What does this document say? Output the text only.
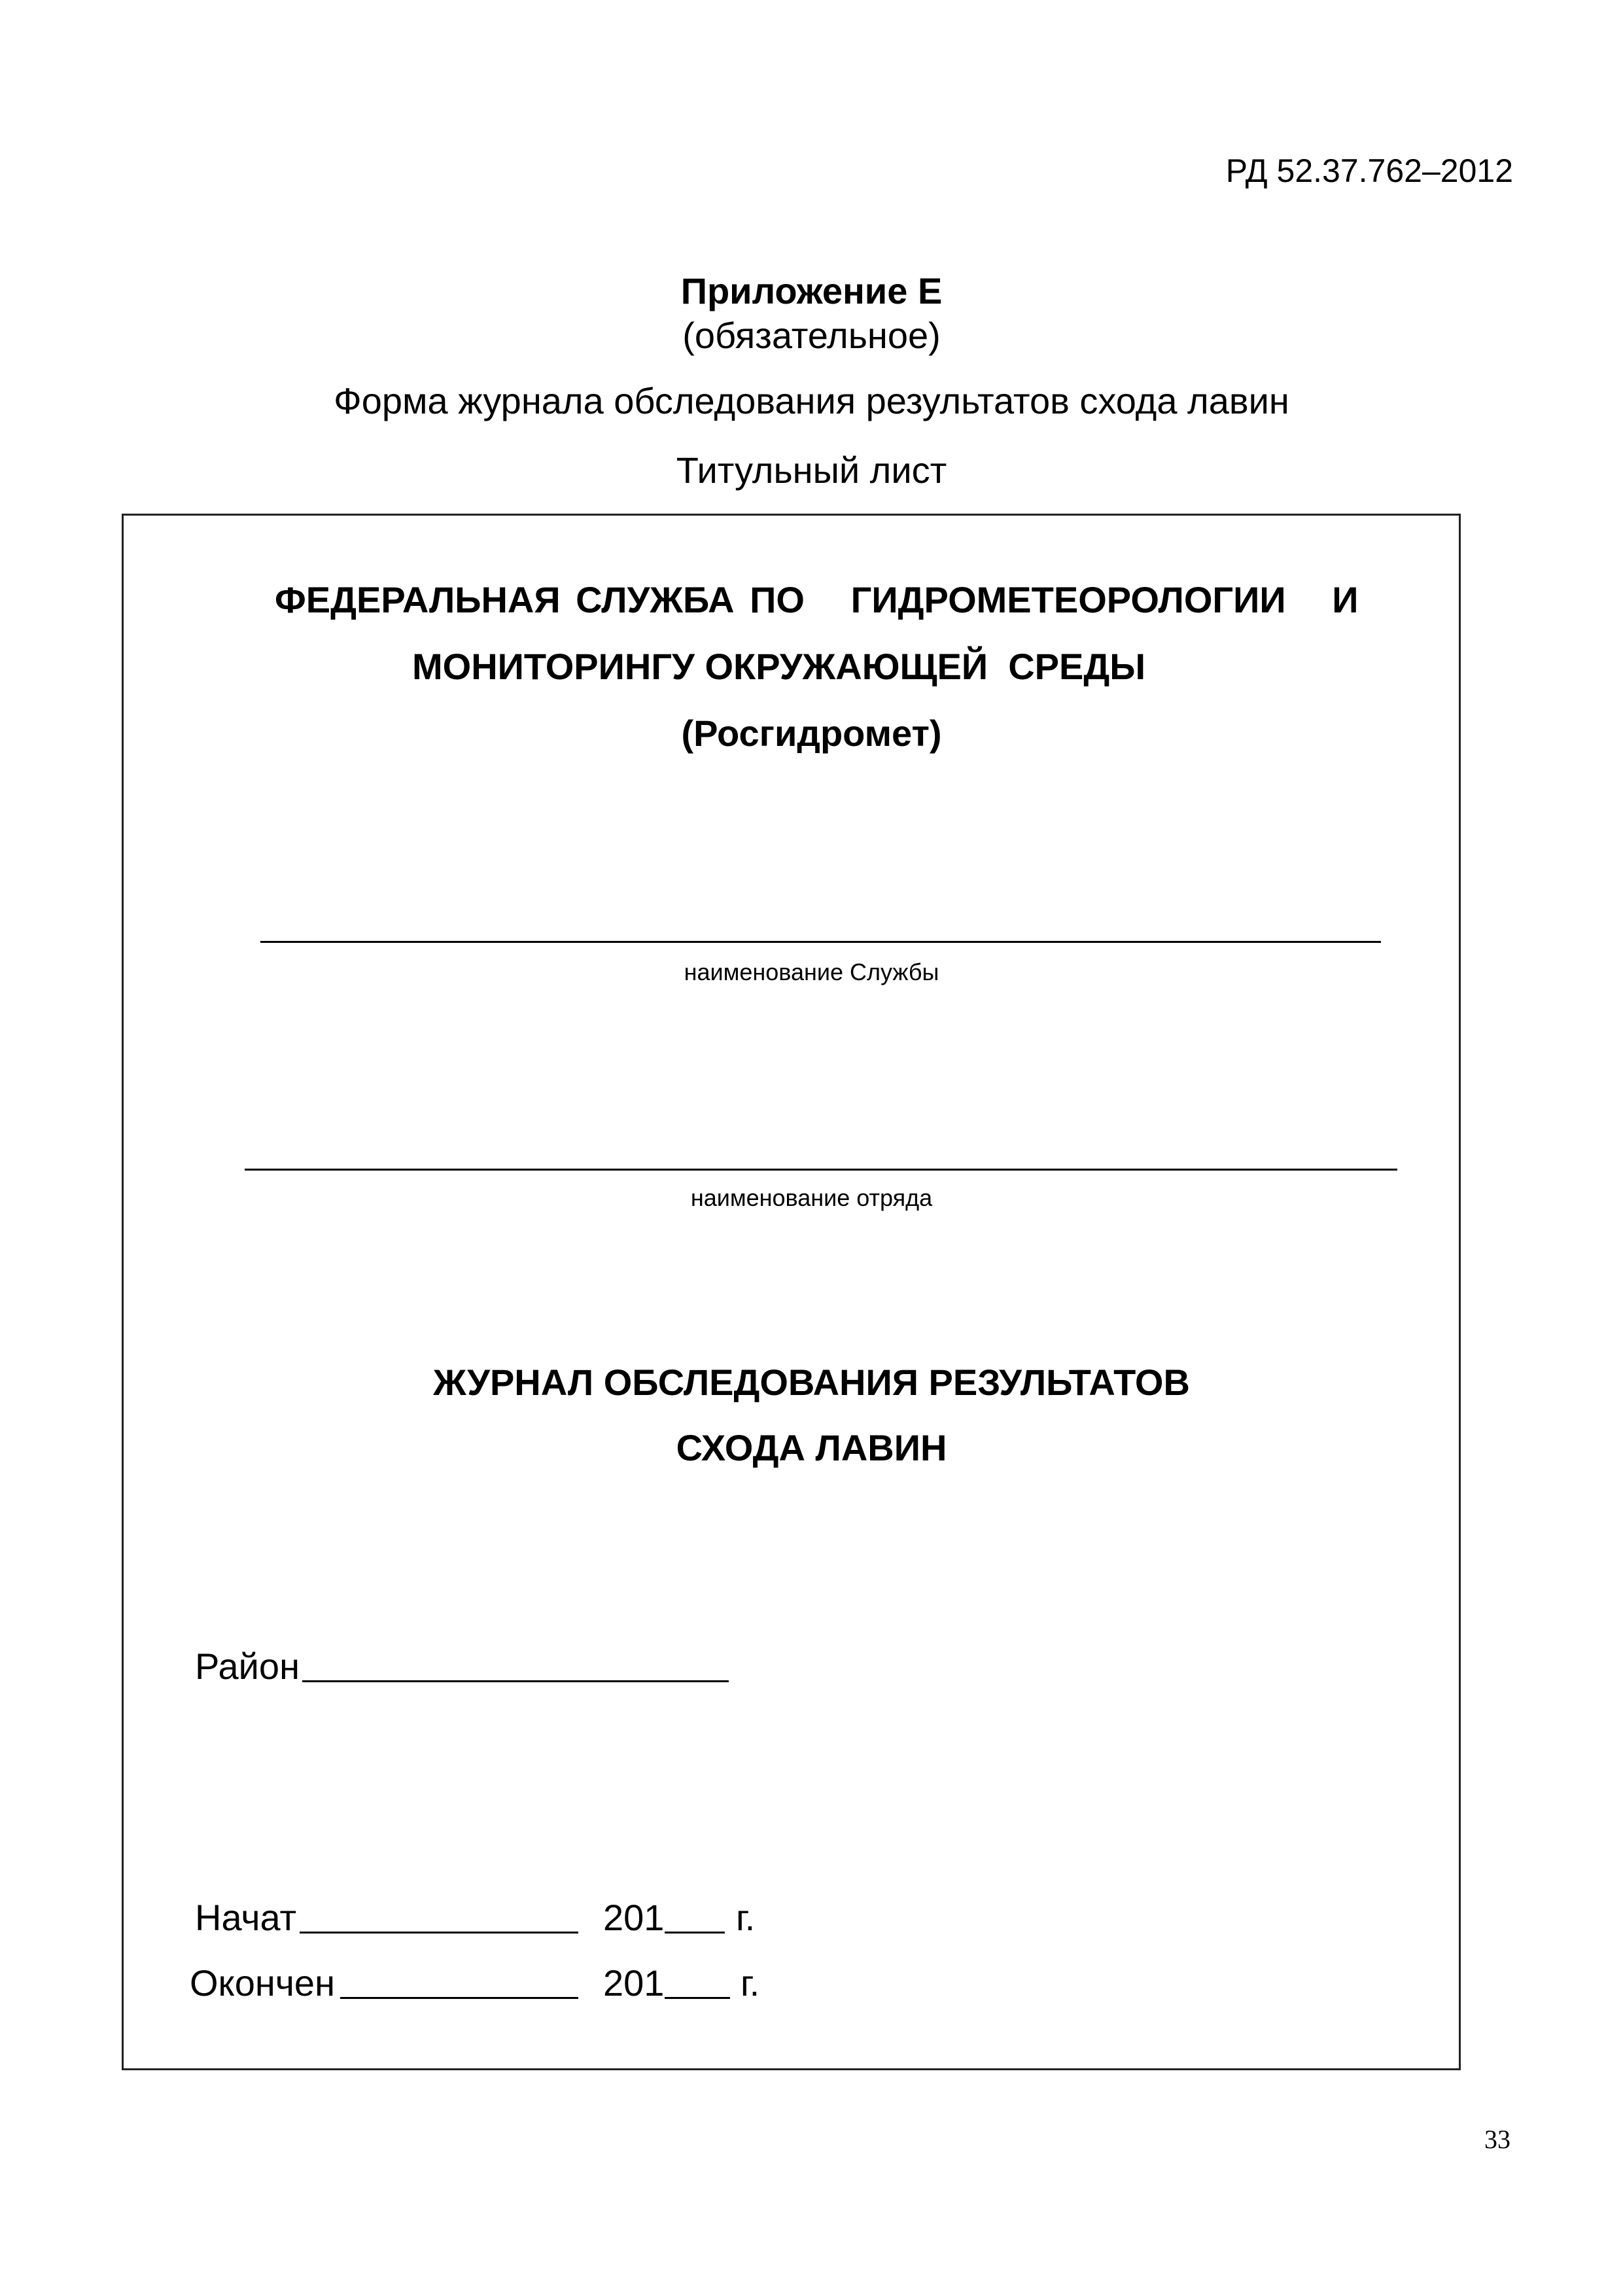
РД 52.37.762–2012
Приложение Е
(обязательное)
Форма журнала обследования результатов схода лавин
Титульный лист
ФЕДЕРАЛЬНАЯ СЛУЖБА ПО   ГИДРОМЕТЕОРОЛОГИИ   И
МОНИТОРИНГУ ОКРУЖАЮЩЕЙ  СРЕДЫ
(Росгидромет)
наименование Службы
наименование отряда
ЖУРНАЛ ОБСЛЕДОВАНИЯ РЕЗУЛЬТАТОВ
СХОДА ЛАВИН
Район
Начат	201 г.
Окончен	201 г.
33
